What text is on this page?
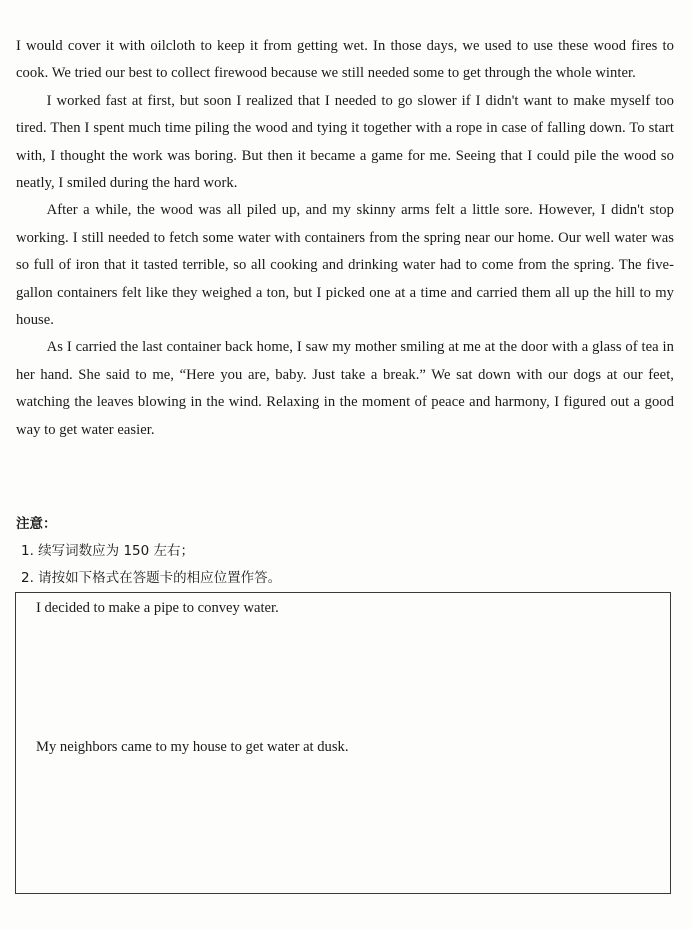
I would cover it with oilcloth to keep it from getting wet. In those days, we used to use these wood fires to cook. We tried our best to collect firewood because we still needed some to get through the whole winter.

I worked fast at first, but soon I realized that I needed to go slower if I didn't want to make myself too tired. Then I spent much time piling the wood and tying it together with a rope in case of falling down. To start with, I thought the work was boring. But then it became a game for me. Seeing that I could pile the wood so neatly, I smiled during the hard work.

After a while, the wood was all piled up, and my skinny arms felt a little sore. However, I didn't stop working. I still needed to fetch some water with containers from the spring near our home. Our well water was so full of iron that it tasted terrible, so all cooking and drinking water had to come from the spring. The five-gallon containers felt like they weighed a ton, but I picked one at a time and carried them all up the hill to my house.

As I carried the last container back home, I saw my mother smiling at me at the door with a glass of tea in her hand. She said to me, “Here you are, baby. Just take a break.” We sat down with our dogs at our feet, watching the leaves blowing in the wind. Relaxing in the moment of peace and harmony, I figured out a good way to get water easier.

注意：
1. 续写词数应为 150 左右；
2. 请按如下格式在答题卡的相应位置作答。
I decided to make a pipe to convey water.
My neighbors came to my house to get water at dusk.
